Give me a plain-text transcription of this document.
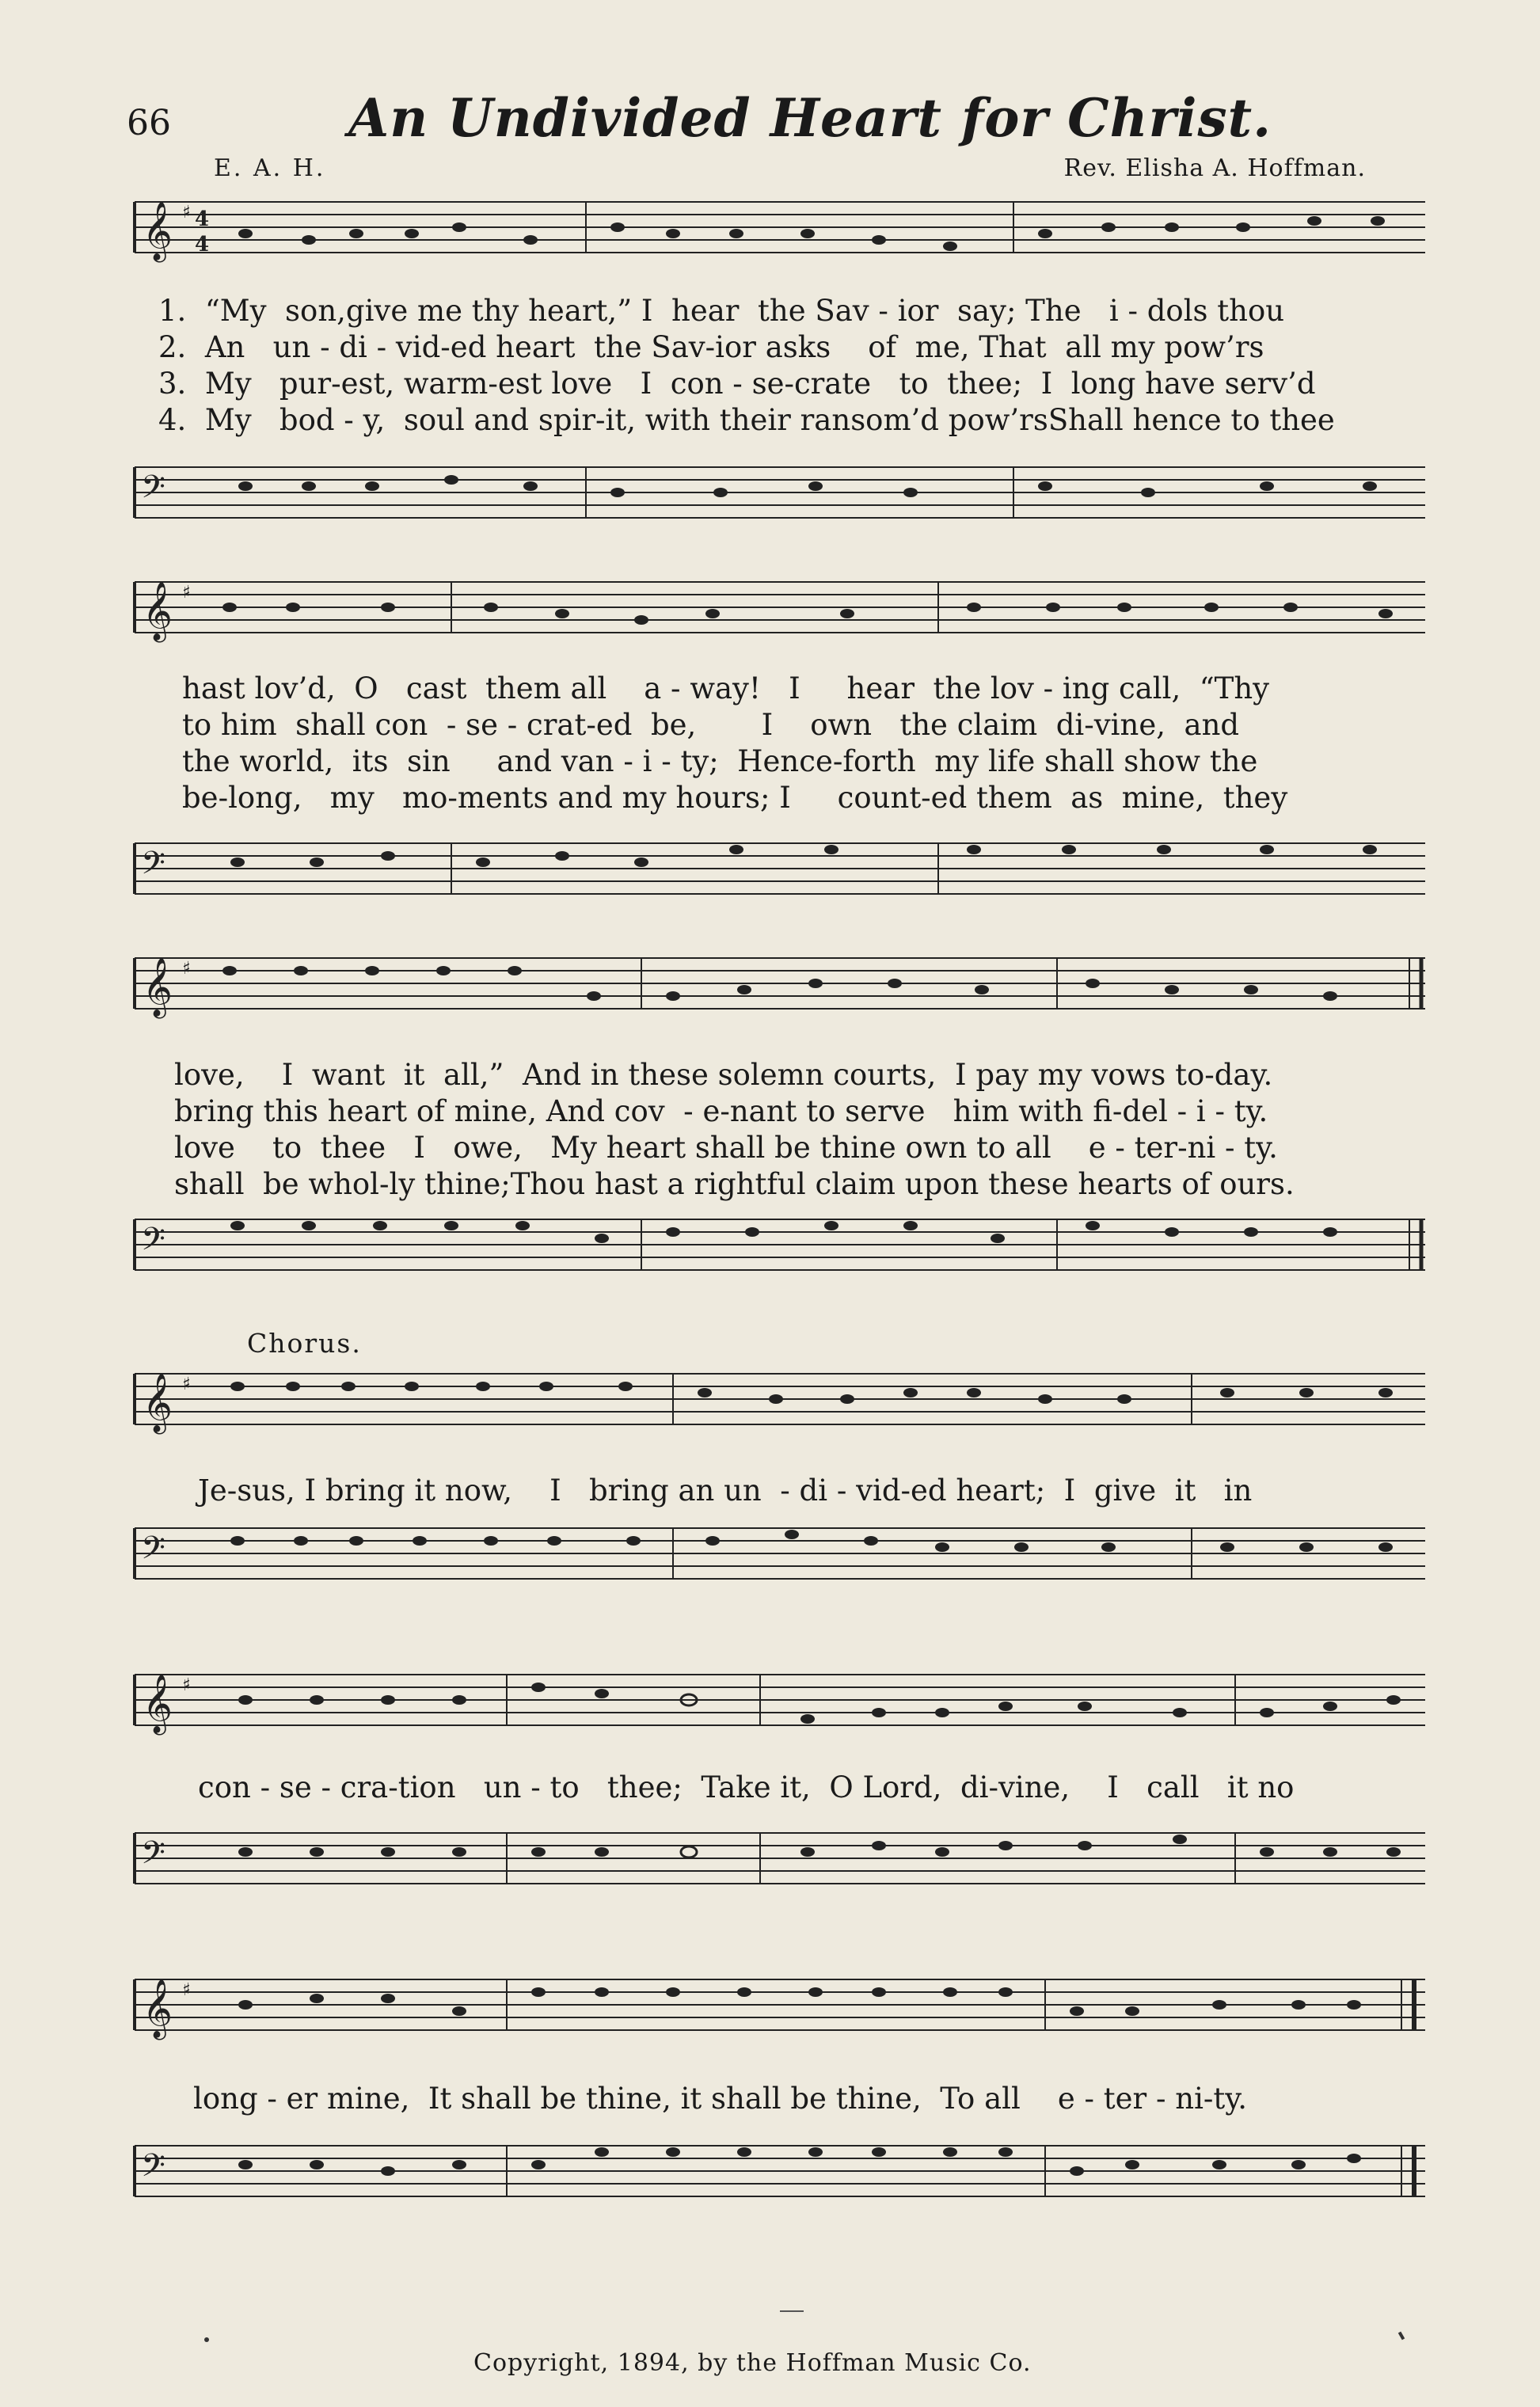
66	An Undivided Heart for Christ.
E. A. H.	Rev. Elisha A. Hoffman.
𝄞 ♯ 4
4
1.  “My  son,give me thy heart,” I  hear  the Sav - ior  say; The   i - dols thou
2.  An   un - di - vid-ed heart  the Sav-ior asks    of  me, That  all my pow’rs
3.  My   pur-est, warm-est love   I  con - se-crate   to  thee;  I  long have serv’d
4.  My   bod - y,  soul and spir-it, with their ransom’d pow’rsShall hence to thee
𝄢
𝄞 ♯
hast lov’d,  O   cast  them all    a - way!   I     hear  the lov - ing call,  “Thy
to him  shall con  - se - crat-ed  be,       I    own   the claim  di-vine,  and
the world,  its  sin     and van - i - ty;  Hence-forth  my life shall show the
be-long,   my   mo-ments and my hours; I     count-ed them  as  mine,  they
𝄢
𝄞 ♯
love,    I  want  it  all,”  And in these solemn courts,  I pay my vows to-day.
bring this heart of mine, And cov  - e-nant to serve   him with fi-del - i - ty.
love    to  thee   I   owe,   My heart shall be thine own to all    e - ter-ni - ty.
shall  be whol-ly thine;Thou hast a rightful claim upon these hearts of ours.
𝄢
Chorus.
𝄞 ♯
Je-sus, I bring it now,    I   bring an un  - di - vid-ed heart;  I  give  it   in
𝄢
𝄞 ♯
con - se - cra-tion   un - to   thee;  Take it,  O Lord,  di-vine,    I   call   it no
𝄢
𝄞 ♯
long - er mine,  It shall be thine, it shall be thine,  To all    e - ter - ni-ty.
𝄢
Copyright, 1894, by the Hoffman Music Co.
